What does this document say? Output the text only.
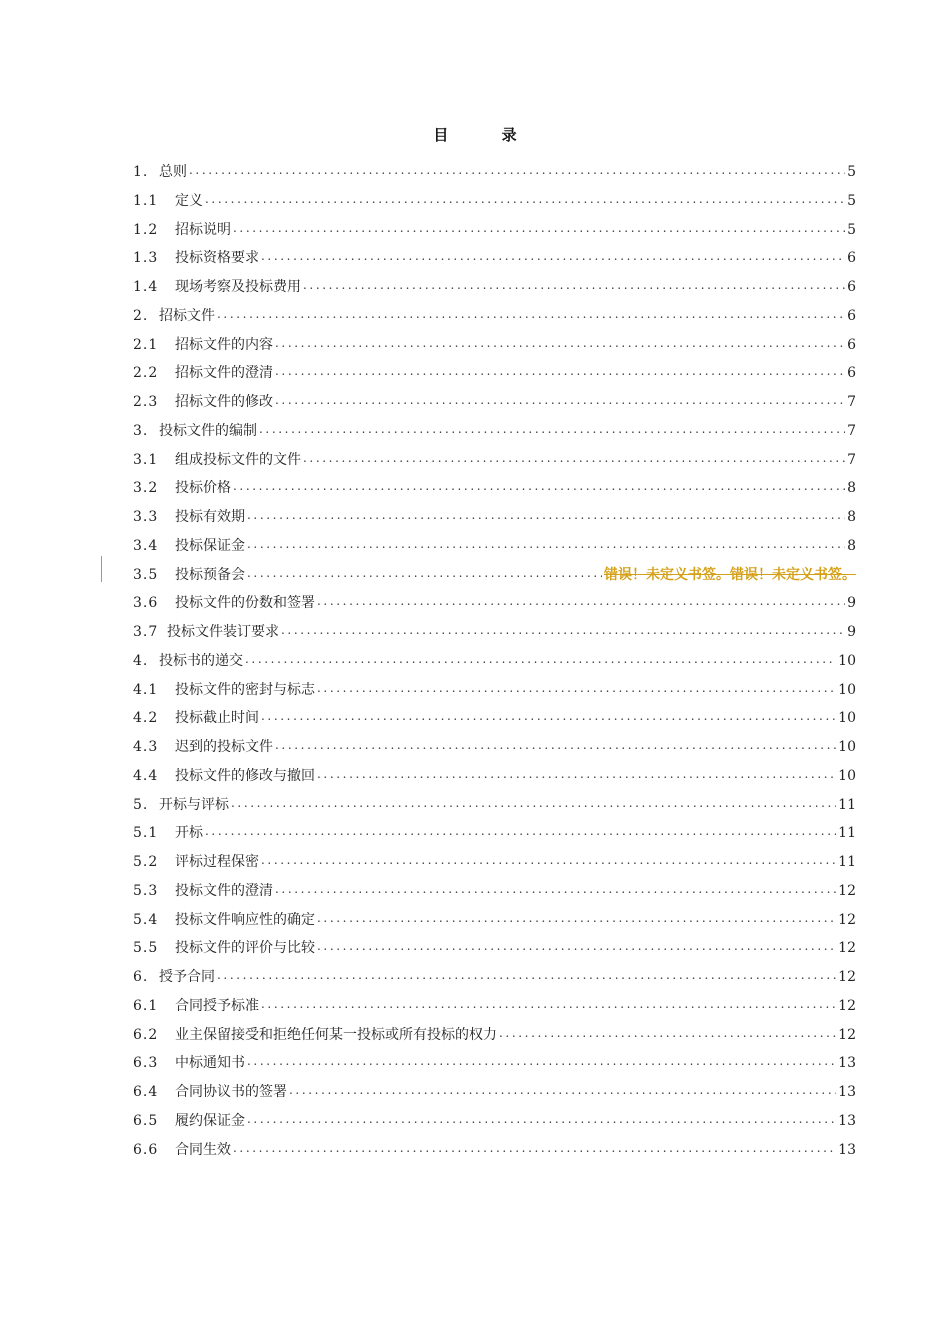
目 录
1. 总则 .....	5
1.1	定义 .....	5
1.2	招标说明 .....	5
1.3	投标资格要求 .....	6
1.4	现场考察及投标费用 .....	6
2. 招标文件 .....	6
2.1	招标文件的内容 .....	6
2.2	招标文件的澄清 .....	6
2.3	招标文件的修改 .....	7
3. 投标文件的编制 .....	7
3.1	组成投标文件的文件 .....	7
3.2	投标价格 .....	8
3.3	投标有效期 .....	8
3.4	投标保证金 .....	8
3.5	投标预备会 .....	错误！未定义书签。错误！未定义书签。
3.6	投标文件的份数和签署 .....	9
3.7 投标文件装订要求 .....	9
4. 投标书的递交 .....	10
4.1	投标文件的密封与标志 .....	10
4.2	投标截止时间 .....	10
4.3	迟到的投标文件 .....	10
4.4	投标文件的修改与撤回 .....	10
5. 开标与评标 .....	11
5.1	开标 .....	11
5.2	评标过程保密 .....	11
5.3	投标文件的澄清 .....	12
5.4	投标文件响应性的确定 .....	12
5.5	投标文件的评价与比较 .....	12
6. 授予合同 .....	12
6.1	合同授予标准 .....	12
6.2	业主保留接受和拒绝任何某一投标或所有投标的权力 .....	12
6.3	中标通知书 .....	13
6.4	合同协议书的签署 .....	13
6.5	履约保证金 .....	13
6.6	合同生效 .....	13
